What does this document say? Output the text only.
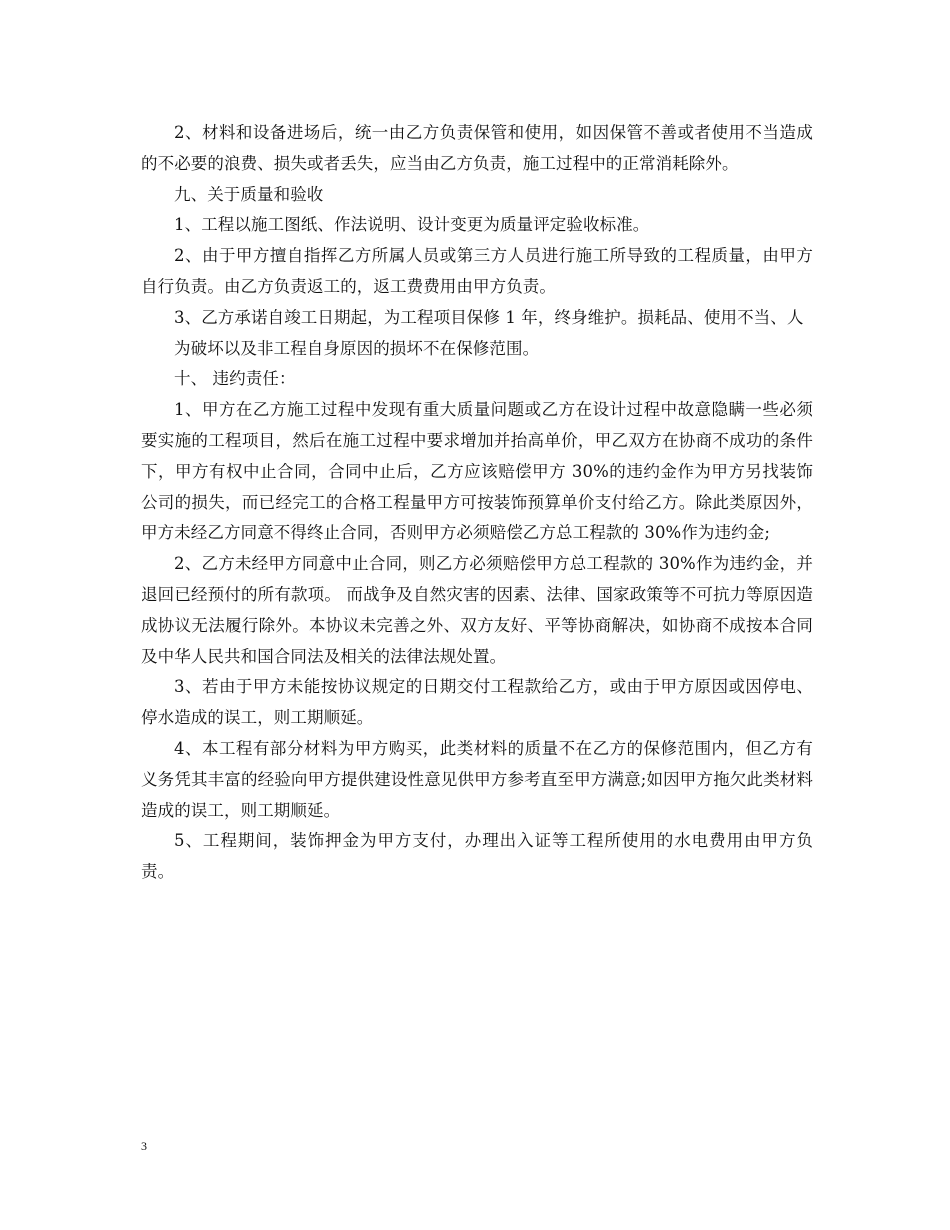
2、材料和设备进场后，统一由乙方负责保管和使用，如因保管不善或者使用不当造成的不必要的浪费、损失或者丢失，应当由乙方负责，施工过程中的正常消耗除外。

九、关于质量和验收

1、工程以施工图纸、作法说明、设计变更为质量评定验收标准。

2、由于甲方擅自指挥乙方所属人员或第三方人员进行施工所导致的工程质量，由甲方自行负责。由乙方负责返工的，返工费费用由甲方负责。

3、乙方承诺自竣工日期起，为工程项目保修 1 年，终身维护。损耗品、使用不当、人

为破坏以及非工程自身原因的损坏不在保修范围。

十、 违约责任：

1、甲方在乙方施工过程中发现有重大质量问题或乙方在设计过程中故意隐瞒一些必须要实施的工程项目，然后在施工过程中要求增加并抬高单价，甲乙双方在协商不成功的条件下，甲方有权中止合同，合同中止后，乙方应该赔偿甲方 30%的违约金作为甲方另找装饰公司的损失，而已经完工的合格工程量甲方可按装饰预算单价支付给乙方。除此类原因外，甲方未经乙方同意不得终止合同，否则甲方必须赔偿乙方总工程款的 30%作为违约金;

2、乙方未经甲方同意中止合同，则乙方必须赔偿甲方总工程款的 30%作为违约金，并退回已经预付的所有款项。 而战争及自然灾害的因素、法律、国家政策等不可抗力等原因造成协议无法履行除外。本协议未完善之外、双方友好、平等协商解决，如协商不成按本合同及中华人民共和国合同法及相关的法律法规处置。

3、若由于甲方未能按协议规定的日期交付工程款给乙方，或由于甲方原因或因停电、停水造成的误工，则工期顺延。

4、本工程有部分材料为甲方购买，此类材料的质量不在乙方的保修范围内，但乙方有义务凭其丰富的经验向甲方提供建设性意见供甲方参考直至甲方满意;如因甲方拖欠此类材料造成的误工，则工期顺延。

5、工程期间，装饰押金为甲方支付，办理出入证等工程所使用的水电费用由甲方负责。

3
